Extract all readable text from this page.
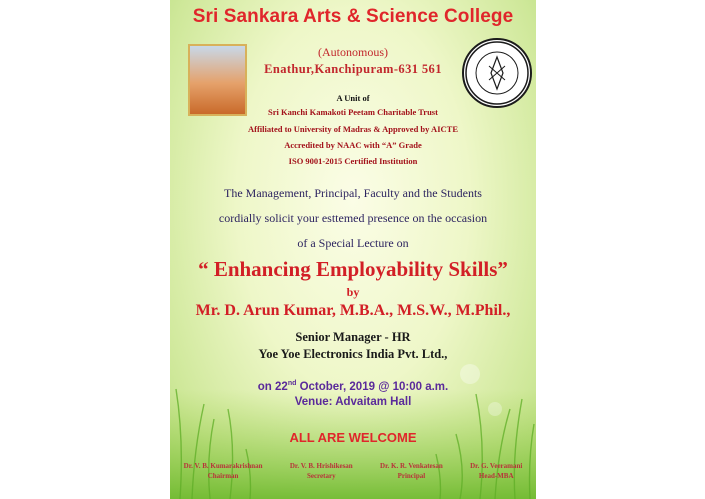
Sri Sankara Arts & Science College
(Autonomous)
Enathur,Kanchipuram-631 561
A Unit of
Sri Kanchi Kamakoti Peetam Charitable Trust
Affiliated to University of Madras & Approved by AICTE
Accredited by NAAC with “A” Grade
ISO 9001-2015 Certified Institution
The Management, Principal, Faculty and the Students
cordially solicit your esttemed presence on the occasion
of a Special Lecture on
“ Enhancing Employability Skills”
by
Mr. D. Arun Kumar, M.B.A., M.S.W., M.Phil.,
Senior Manager - HR
Yoe Yoe Electronics India Pvt. Ltd.,
on 22nd October, 2019 @ 10:00 a.m.
Venue: Advaitam Hall
ALL ARE WELCOME
Dr. V. B. Kumarakrishnan
Chairman
Dr. V. B. Hrishikesan
Secretary
Dr. K. R. Venkatesan
Principal
Dr. G. Veeramani
Head-MBA
